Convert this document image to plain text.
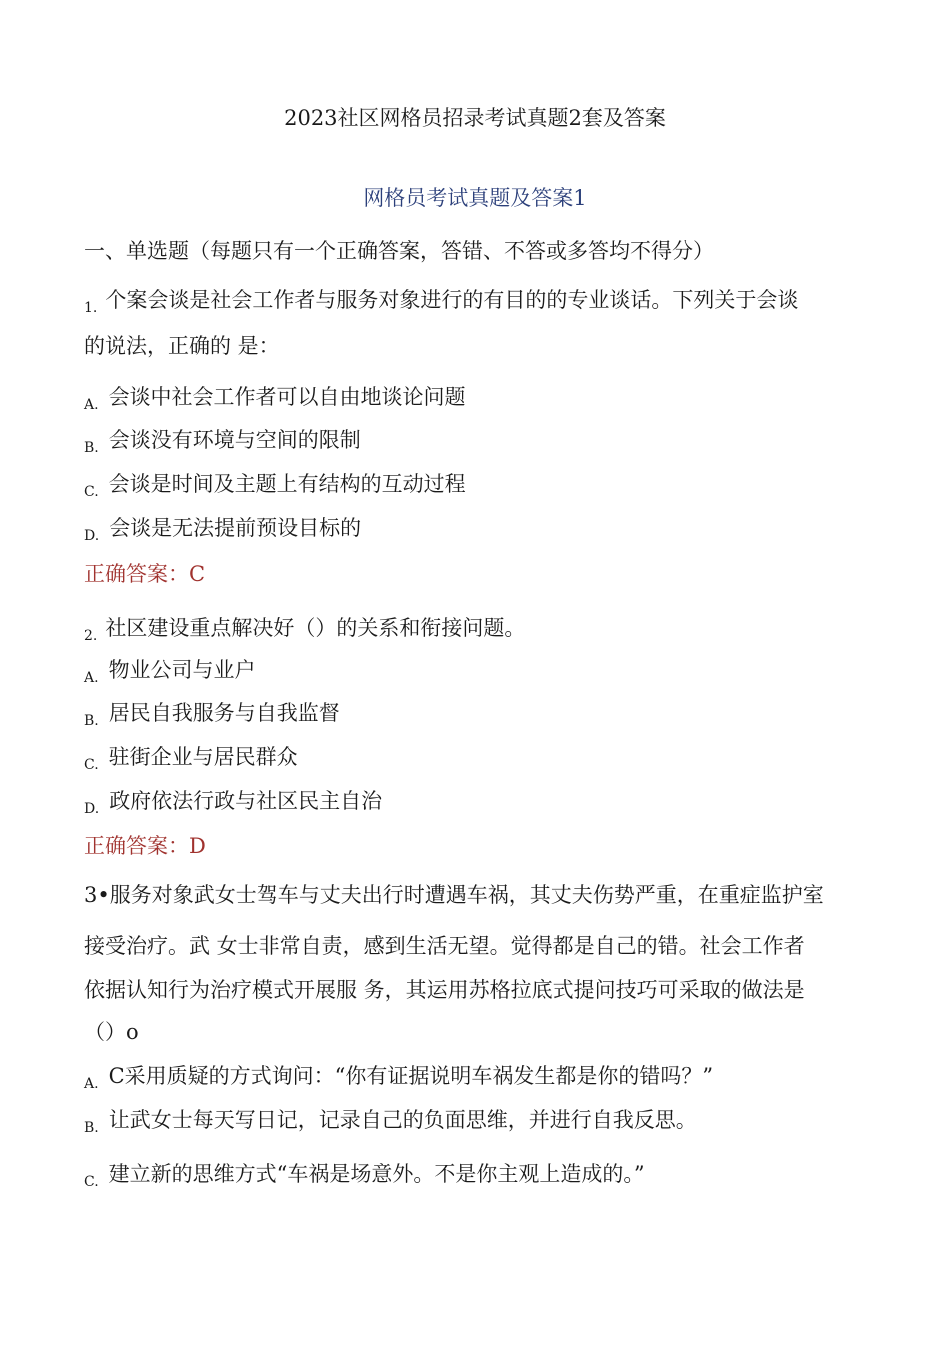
2023社区网格员招录考试真题2套及答案
网格员考试真题及答案1
一、单选题（每题只有一个正确答案，答错、不答或多答均不得分）
1. 个案会谈是社会工作者与服务对象进行的有目的的专业谈话。下列关于会谈
的说法，正确的 是：
A. 会谈中社会工作者可以自由地谈论问题
B. 会谈没有环境与空间的限制
C. 会谈是时间及主题上有结构的互动过程
D. 会谈是无法提前预设目标的
正确答案：C
2. 社区建设重点解决好（）的关系和衔接问题。
A. 物业公司与业户
B. 居民自我服务与自我监督
C. 驻街企业与居民群众
D. 政府依法行政与社区民主自治
正确答案：D
3•服务对象武女士驾车与丈夫出行时遭遇车祸，其丈夫伤势严重，在重症监护室
接受治疗。武 女士非常自责，感到生活无望。觉得都是自己的错。社会工作者
依据认知行为治疗模式开展服 务，其运用苏格拉底式提问技巧可采取的做法是
（）o
A. C采用质疑的方式询问：“你有证据说明车祸发生都是你的错吗？”
B. 让武女士每天写日记，记录自己的负面思维，并进行自我反思。
C. 建立新的思维方式“车祸是场意外。不是你主观上造成的。”
